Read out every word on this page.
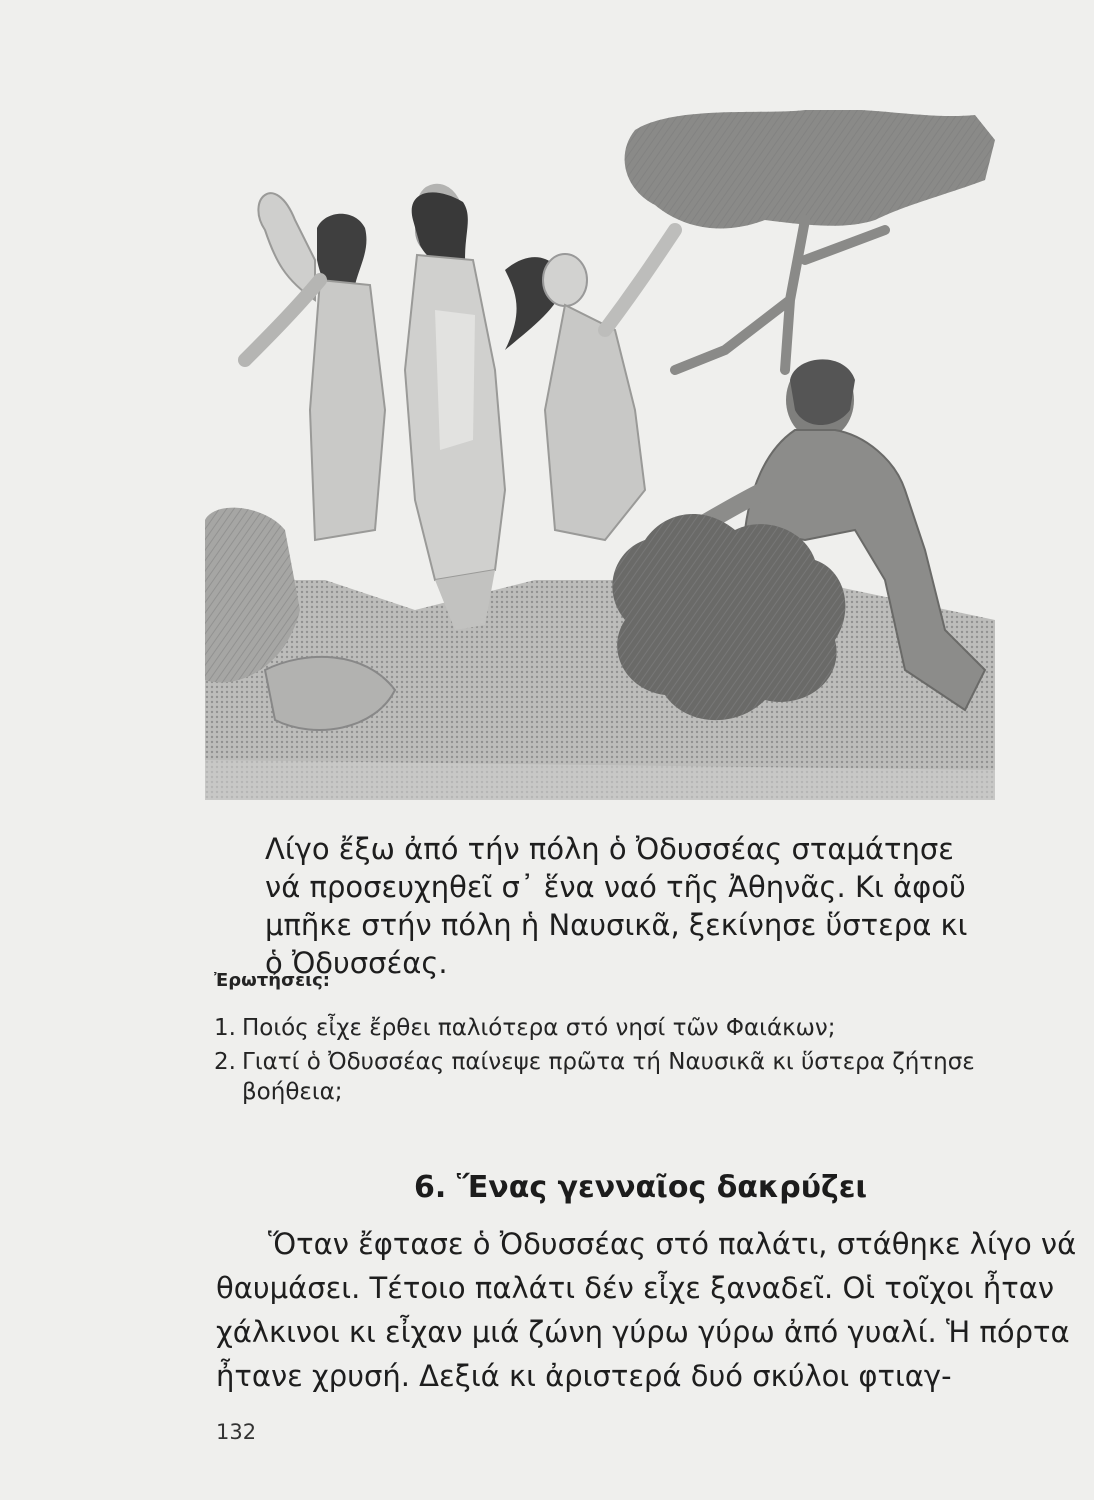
Λίγο ἔξω ἀπό τήν πόλη ὁ Ὀδυσσέας σταμάτησε νά προσευχηθεῖ σ᾽ ἕνα ναό τῆς Ἀθηνᾶς. Κι ἀφοῦ μπῆκε στήν πόλη ἡ Ναυσικᾶ, ξεκίνησε ὕστερα κι ὁ Ὀδυσσέας.

Ἐρωτήσεις:
1. Ποιός εἶχε ἔρθει παλιότερα στό νησί τῶν Φαιάκων;
2. Γιατί ὁ Ὀδυσσέας παίνεψε πρῶτα τή Ναυσικᾶ κι ὕστερα ζήτησε βοήθεια;
6. Ἕνας γενναῖος δακρύζει

Ὅταν ἔφτασε ὁ Ὀδυσσέας στό παλάτι, στάθηκε λίγο νά θαυμάσει. Τέτοιο παλάτι δέν εἶχε ξαναδεῖ. Οἱ τοῖχοι ἦταν χάλκινοι κι εἶχαν μιά ζώνη γύρω γύρω ἀπό γυαλί. Ἡ πόρτα ἦτανε χρυσή. Δεξιά κι ἀριστερά δυό σκύλοι φτιαγ-

132
